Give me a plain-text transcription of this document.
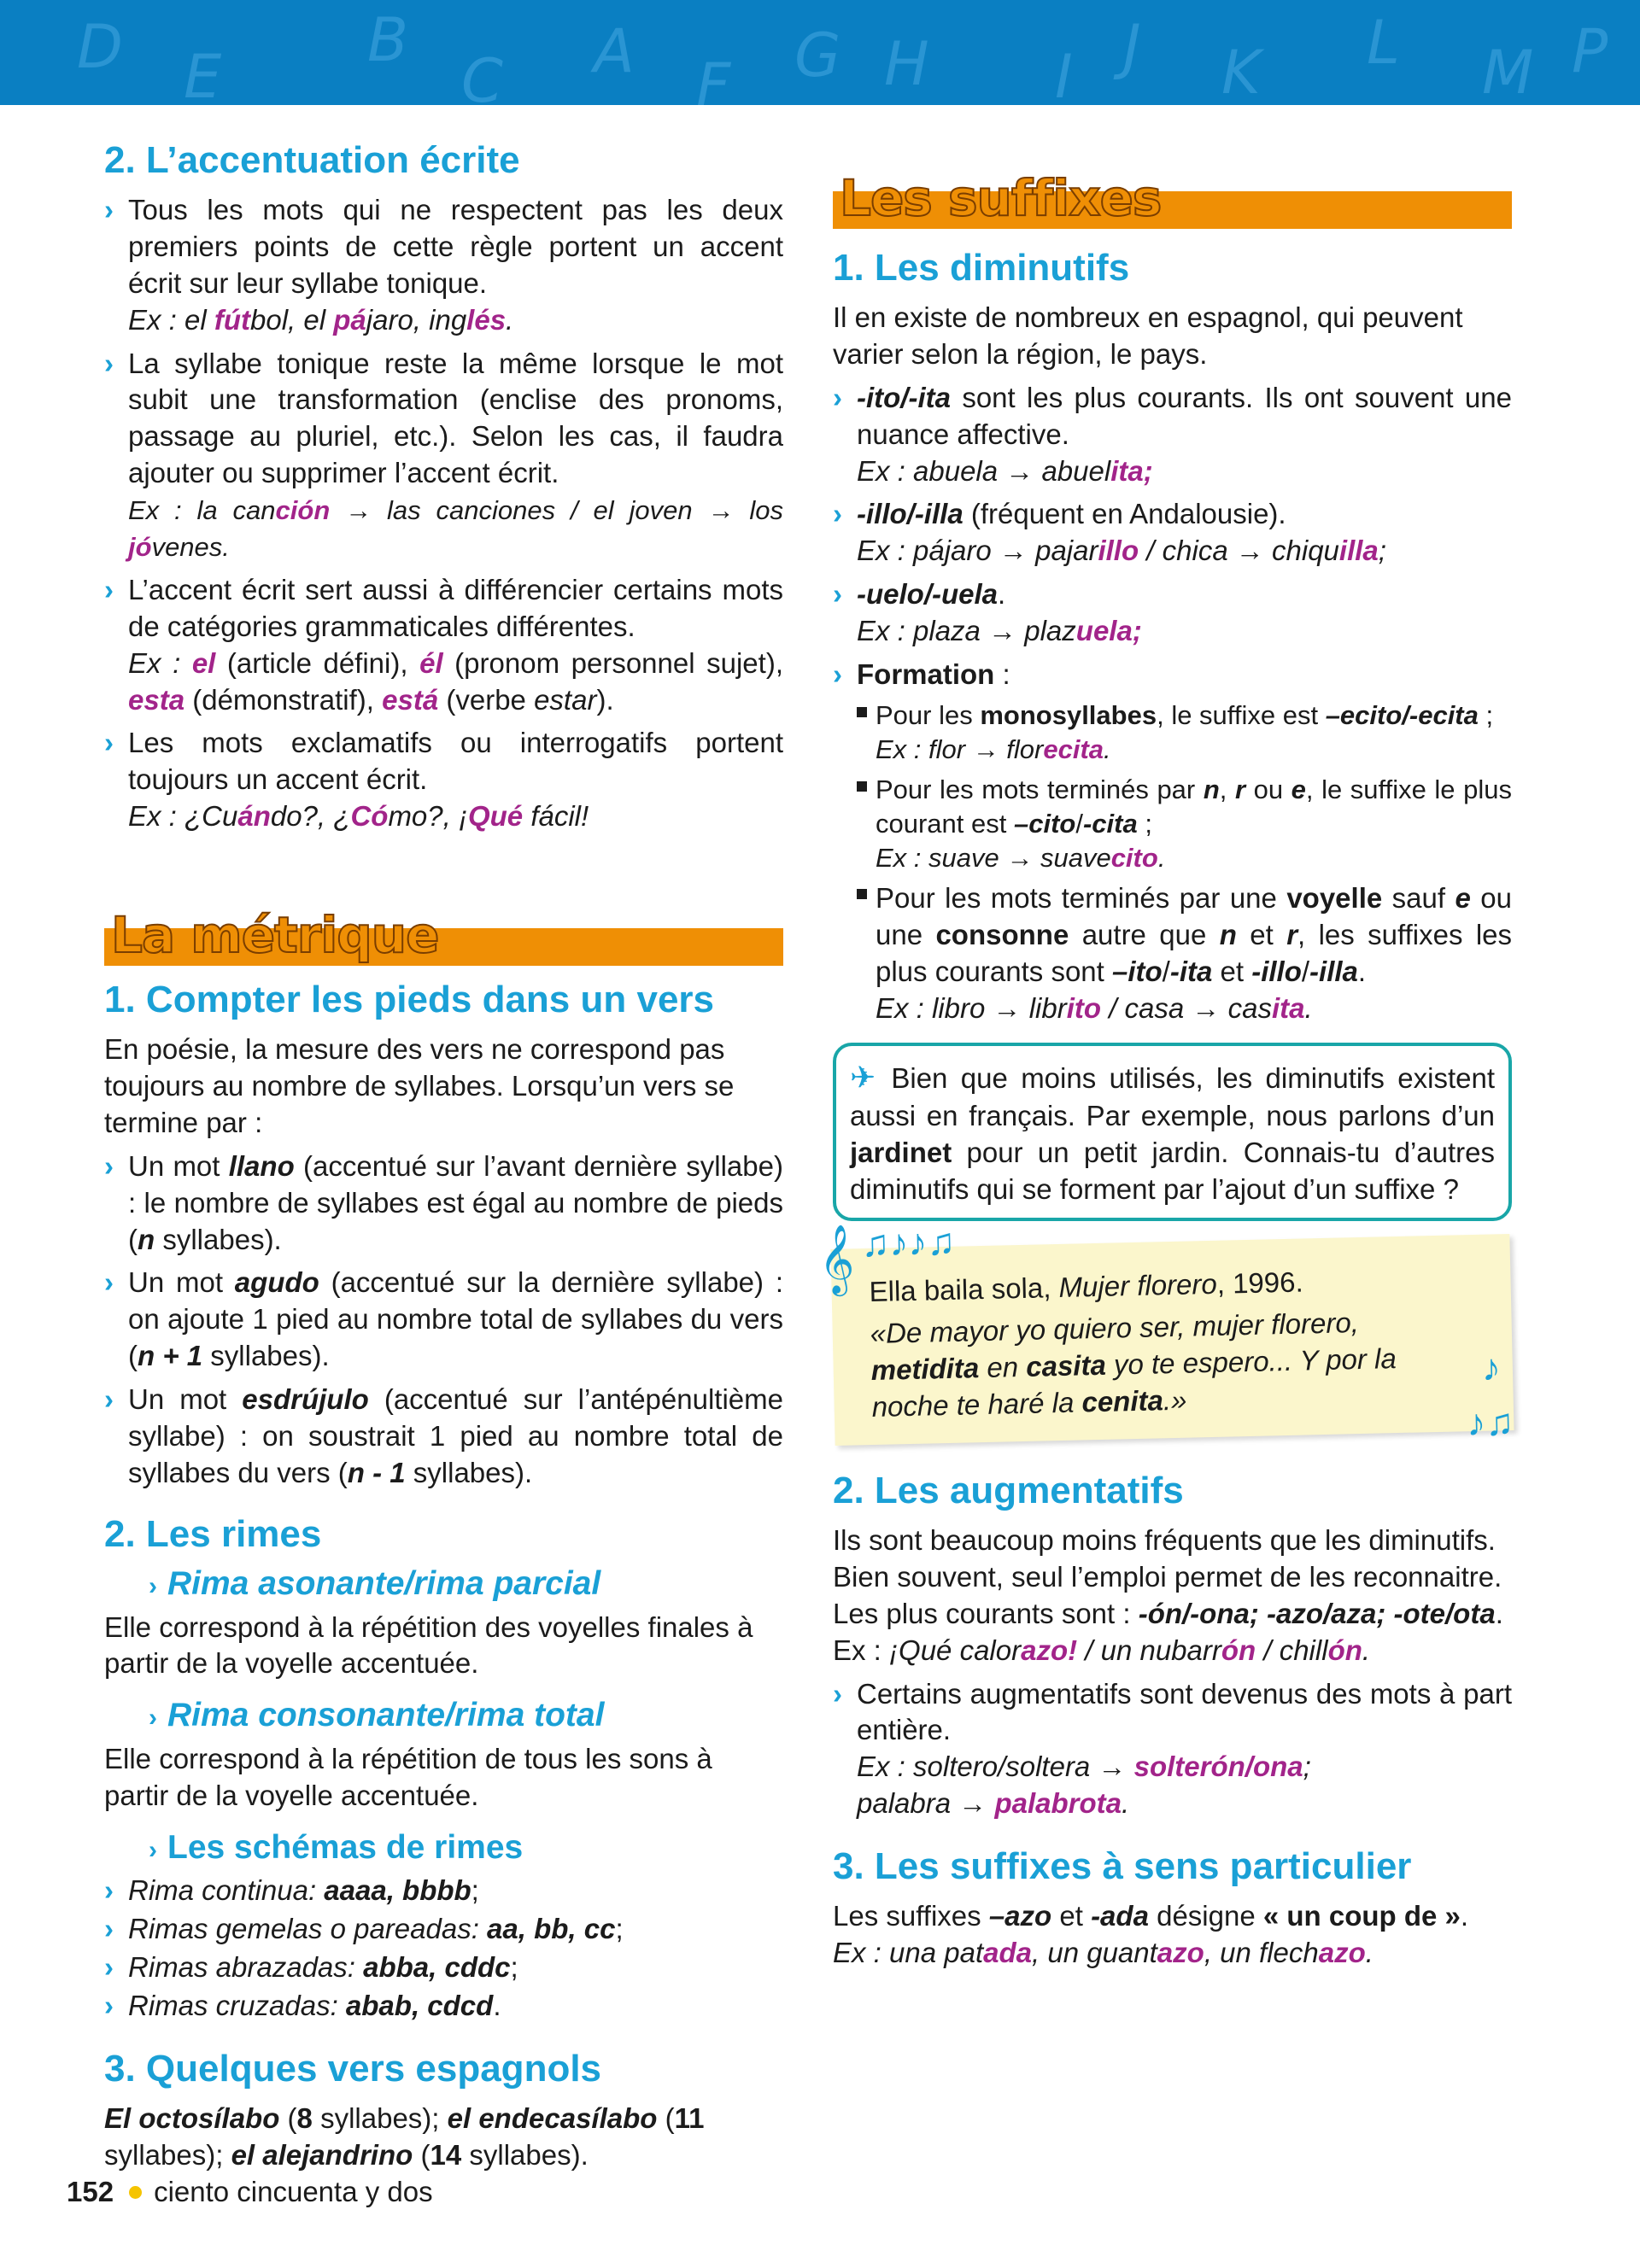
D E
B
C A F G H I J K L M P

2. L’accentuation écrite

› Tous les mots qui ne respectent pas les deux premiers points de cette règle portent un accent écrit sur leur syllabe tonique.
Ex : el fútbol, el pájaro, inglés.
› La syllabe tonique reste la même lorsque le mot subit une transformation (enclise des pronoms, passage au pluriel, etc.). Selon les cas, il faudra ajouter ou supprimer l’accent écrit.
Ex : la canción → las canciones / el joven → los jóvenes.
› L’accent écrit sert aussi à différencier certains mots de catégories grammaticales différentes.
Ex : el (article défini), él (pronom personnel sujet), esta (démonstratif), está (verbe estar).
› Les mots exclamatifs ou interrogatifs portent toujours un accent écrit.
Ex : ¿Cuándo?, ¿Cómo?, ¡Qué fácil!
La métrique

1. Compter les pieds dans un vers

En poésie, la mesure des vers ne correspond pas toujours au nombre de syllabes. Lorsqu’un vers se termine par :

› Un mot llano (accentué sur l’avant dernière syllabe) : le nombre de syllabes est égal au nombre de pieds (n syllabes).
› Un mot agudo (accentué sur la dernière syllabe) : on ajoute 1 pied au nombre total de syllabes du vers (n + 1 syllabes).
› Un mot esdrújulo (accentué sur l’antépénultième syllabe) : on soustrait 1 pied au nombre total de syllabes du vers (n - 1 syllabes).

2. Les rimes

› Rima asonante/rima parcial

Elle correspond à la répétition des voyelles finales à partir de la voyelle accentuée.

› Rima consonante/rima total

Elle correspond à la répétition de tous les sons à partir de la voyelle accentuée.

› Les schémas de rimes

› Rima continua: aaaa, bbbb;
› Rimas gemelas o pareadas: aa, bb, cc;
› Rimas abrazadas: abba, cddc;
› Rimas cruzadas: abab, cdcd.

3. Quelques vers espagnols

El octosílabo (8 syllabes); el endecasílabo (11 syllabes); el alejandrino (14 syllabes).

Les suffixes

1. Les diminutifs

Il en existe de nombreux en espagnol, qui peuvent varier selon la région, le pays.

› -ito/-ita sont les plus courants. Ils ont souvent une nuance affective.
Ex : abuela → abuelita;
› -illo/-illa (fréquent en Andalousie).
Ex : pájaro → pajarillo / chica → chiquilla;
› -uelo/-uela.
Ex : plaza → plazuela;
› Formation :
Pour les monosyllabes, le suffixe est –ecito/-ecita ;
Ex : flor → florecita.
Pour les mots terminés par n, r ou e, le suffixe le plus courant est –cito/-cita ;
Ex : suave → suavecito.
Pour les mots terminés par une voyelle sauf e ou une consonne autre que n et r, les suffixes les plus courants sont –ito/-ita et -illo/-illa.
Ex : libro → librito / casa → casita.
✈ Bien que moins utilisés, les diminutifs existent aussi en français. Par exemple, nous parlons d’un jardinet pour un petit jardin. Connais-tu d’autres diminutifs qui se forment par l’ajout d’un suffixe ?
𝄞 ♫♪♪♫
♪
♪♫

Ella baila sola, Mujer florero, 1996.

«De mayor yo quiero ser, mujer florero, metidita en casita yo te espero... Y por la noche te haré la cenita.»

2. Les augmentatifs

Ils sont beaucoup moins fréquents que les diminutifs. Bien souvent, seul l’emploi permet de les reconnaitre.

Les plus courants sont : -ón/-ona; -azo/aza; -ote/ota.

Ex : ¡Qué calorazo! / un nubarrón / chillón.

› Certains augmentatifs sont devenus des mots à part entière.
Ex : soltero/soltera → solterón/ona;
palabra → palabrota.

3. Les suffixes à sens particulier

Les suffixes –azo et -ada désigne « un coup de ».

Ex : una patada, un guantazo, un flechazo.

152 ciento cincuenta y dos
